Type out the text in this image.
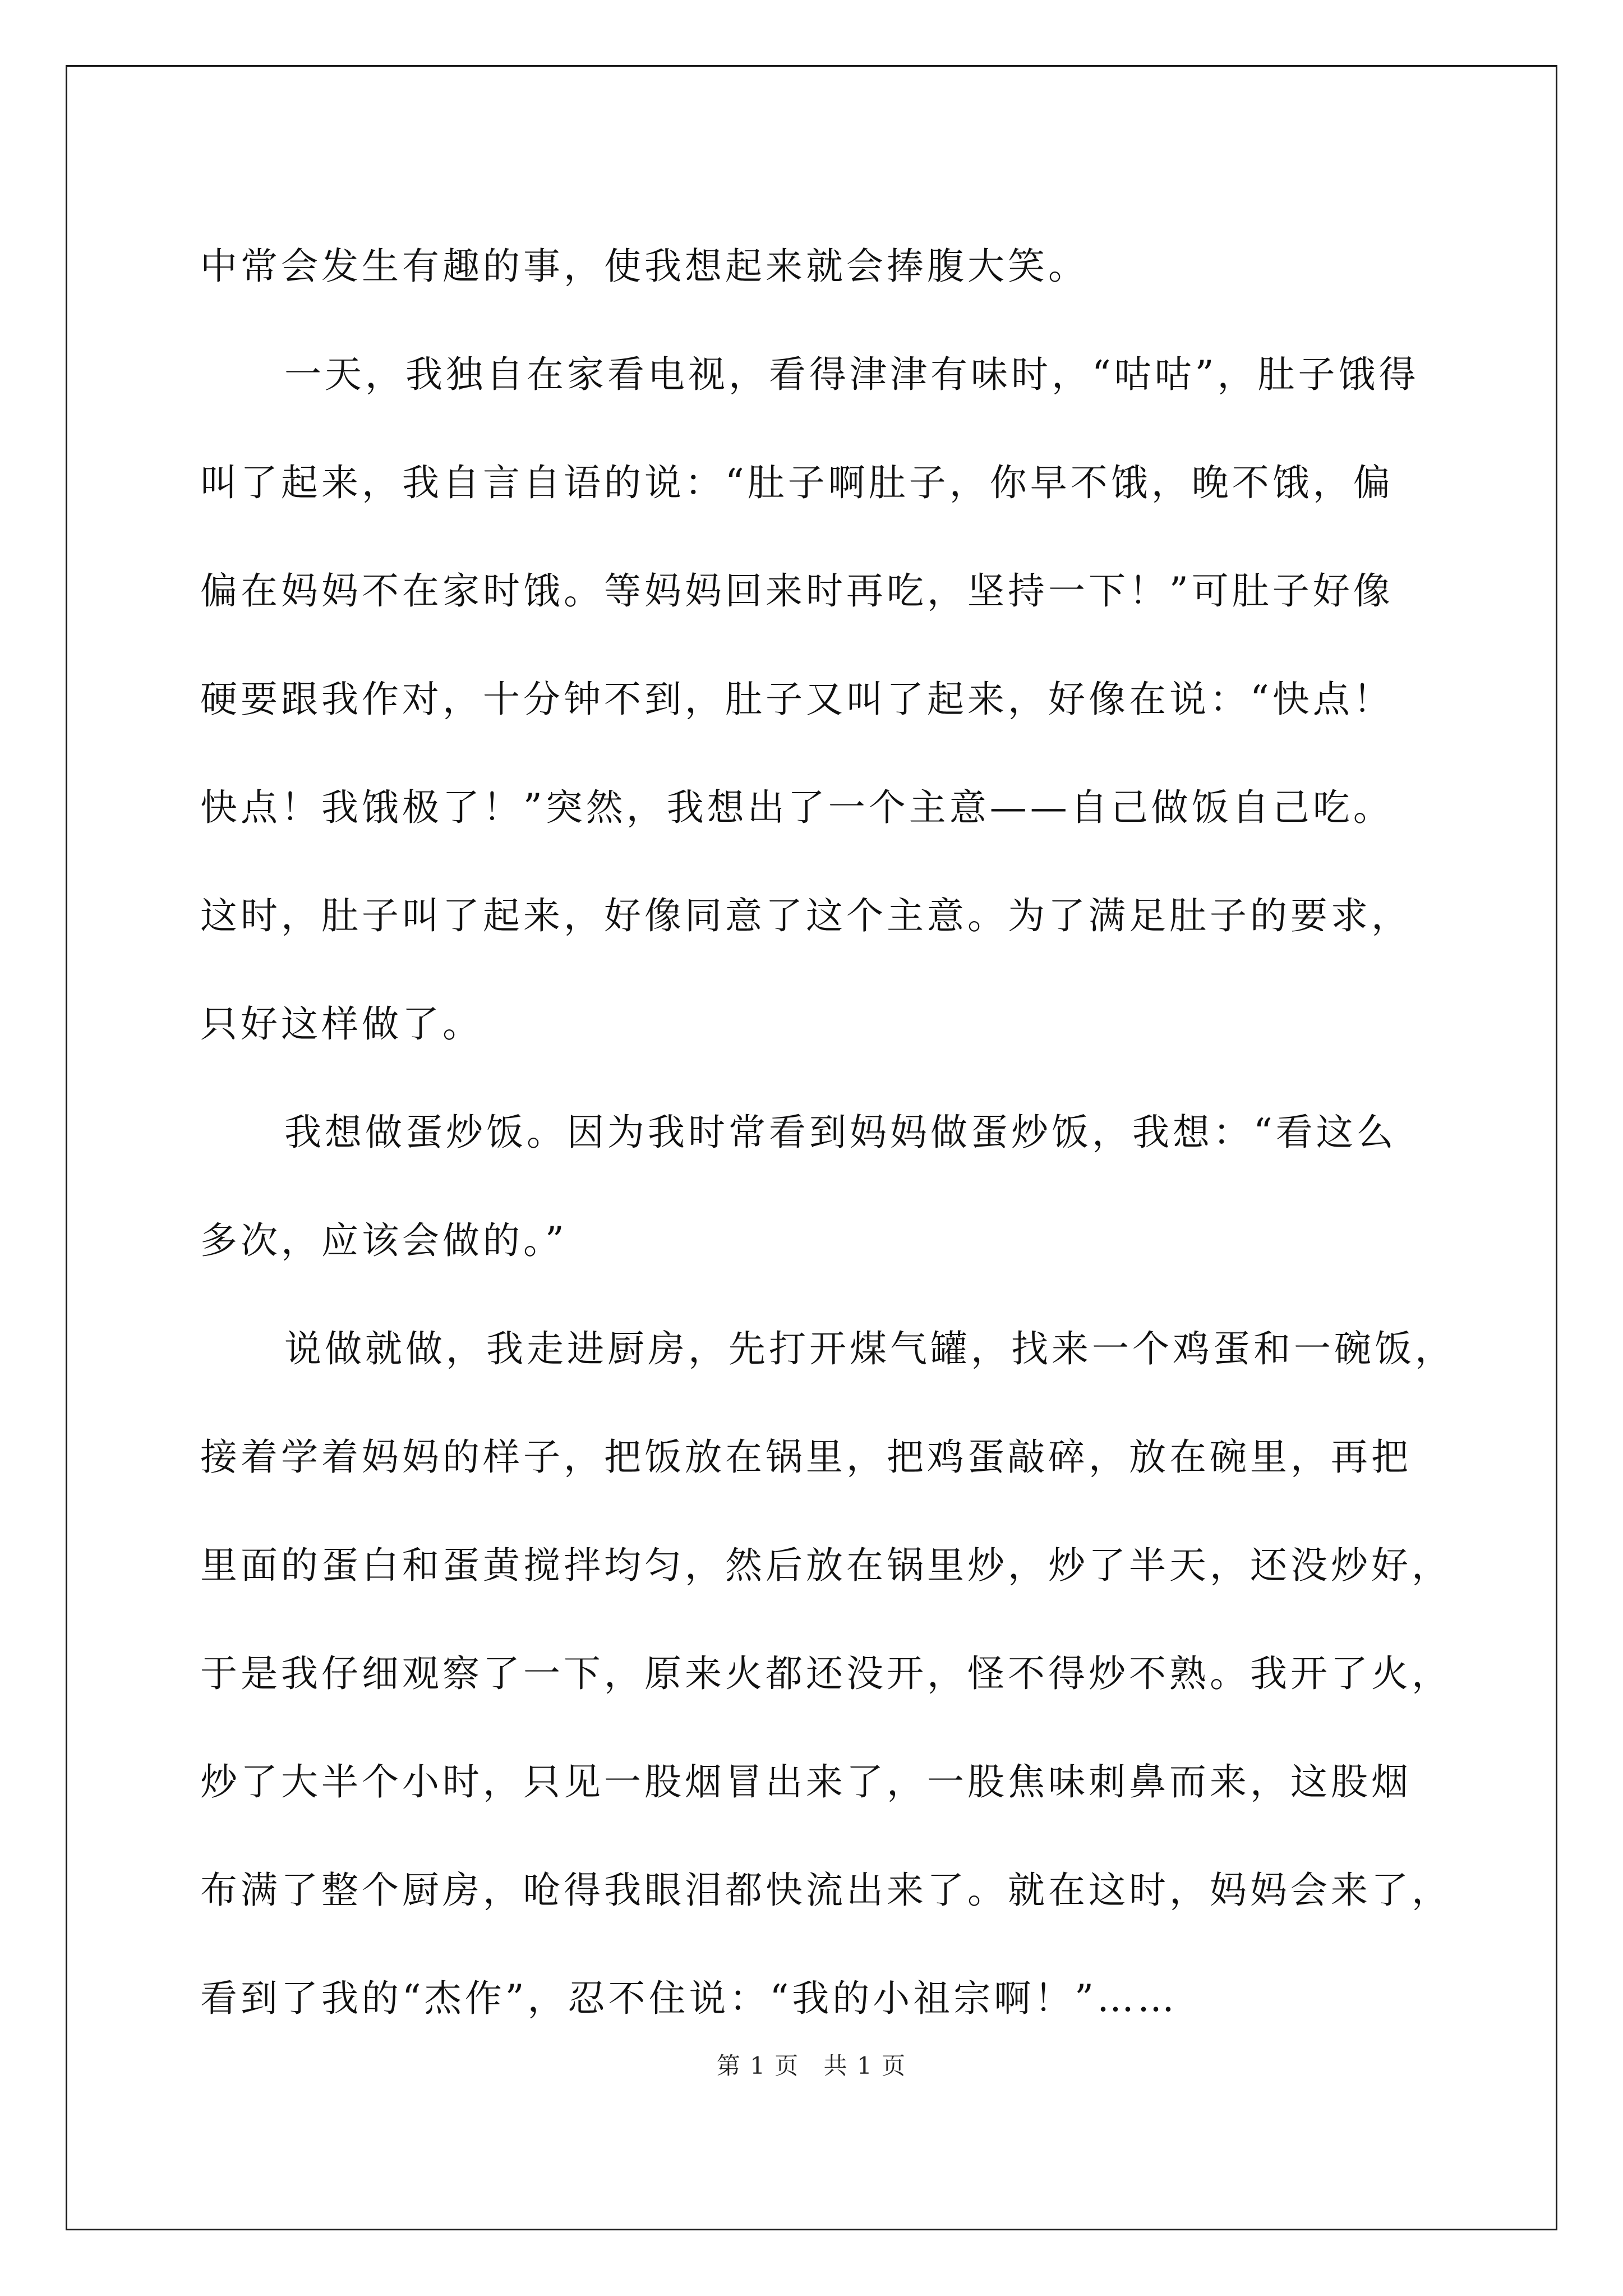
中常会发生有趣的事，使我想起来就会捧腹大笑。
一天，我独自在家看电视，看得津津有味时，“咕咕”，肚子饿得
叫了起来，我自言自语的说：“肚子啊肚子，你早不饿，晚不饿，偏
偏在妈妈不在家时饿。等妈妈回来时再吃，坚持一下！”可肚子好像
硬要跟我作对，十分钟不到，肚子又叫了起来，好像在说：“快点！
快点！我饿极了！”突然，我想出了一个主意——自己做饭自己吃。
这时，肚子叫了起来，好像同意了这个主意。为了满足肚子的要求，
只好这样做了。
我想做蛋炒饭。因为我时常看到妈妈做蛋炒饭，我想：“看这么
多次，应该会做的。”
说做就做，我走进厨房，先打开煤气罐，找来一个鸡蛋和一碗饭，
接着学着妈妈的样子，把饭放在锅里，把鸡蛋敲碎，放在碗里，再把
里面的蛋白和蛋黄搅拌均匀，然后放在锅里炒，炒了半天，还没炒好，
于是我仔细观察了一下，原来火都还没开，怪不得炒不熟。我开了火，
炒了大半个小时，只见一股烟冒出来了，一股焦味刺鼻而来，这股烟
布满了整个厨房，呛得我眼泪都快流出来了。就在这时，妈妈会来了，
看到了我的“杰作”，忍不住说：“我的小祖宗啊！”……
第 1 页 共 1 页
